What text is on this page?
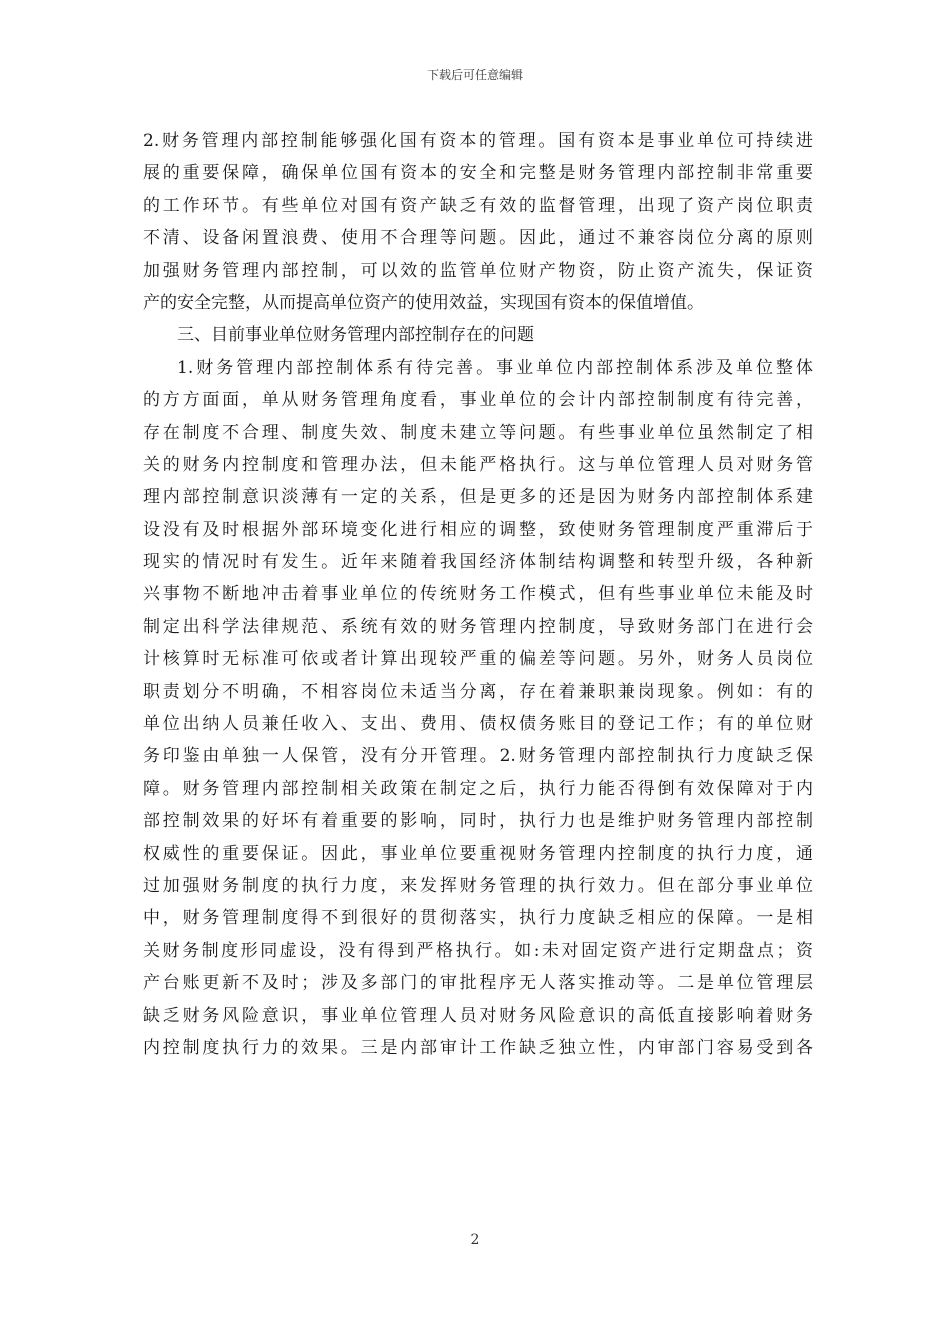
下载后可任意编辑
2.财务管理内部控制能够强化国有资本的管理。国有资本是事业单位可持续进
展的重要保障，确保单位国有资本的安全和完整是财务管理内部控制非常重要
的工作环节。有些单位对国有资产缺乏有效的监督管理，出现了资产岗位职责
不清、设备闲置浪费、使用不合理等问题。因此，通过不兼容岗位分离的原则
加强财务管理内部控制，可以效的监管单位财产物资，防止资产流失，保证资
产的安全完整，从而提高单位资产的使用效益，实现国有资本的保值增值。
三、目前事业单位财务管理内部控制存在的问题
1.财务管理内部控制体系有待完善。事业单位内部控制体系涉及单位整体
的方方面面，单从财务管理角度看，事业单位的会计内部控制制度有待完善，
存在制度不合理、制度失效、制度未建立等问题。有些事业单位虽然制定了相
关的财务内控制度和管理办法，但未能严格执行。这与单位管理人员对财务管
理内部控制意识淡薄有一定的关系，但是更多的还是因为财务内部控制体系建
设没有及时根据外部环境变化进行相应的调整，致使财务管理制度严重滞后于
现实的情况时有发生。近年来随着我国经济体制结构调整和转型升级，各种新
兴事物不断地冲击着事业单位的传统财务工作模式，但有些事业单位未能及时
制定出科学法律规范、系统有效的财务管理内控制度，导致财务部门在进行会
计核算时无标准可依或者计算出现较严重的偏差等问题。另外，财务人员岗位
职责划分不明确，不相容岗位未适当分离，存在着兼职兼岗现象。例如：有的
单位出纳人员兼任收入、支出、费用、债权债务账目的登记工作；有的单位财
务印鉴由单独一人保管，没有分开管理。2.财务管理内部控制执行力度缺乏保
障。财务管理内部控制相关政策在制定之后，执行力能否得倒有效保障对于内
部控制效果的好坏有着重要的影响，同时，执行力也是维护财务管理内部控制
权威性的重要保证。因此，事业单位要重视财务管理内控制度的执行力度，通
过加强财务制度的执行力度，来发挥财务管理的执行效力。但在部分事业单位
中，财务管理制度得不到很好的贯彻落实，执行力度缺乏相应的保障。一是相
关财务制度形同虚设，没有得到严格执行。如:未对固定资产进行定期盘点；资
产台账更新不及时；涉及多部门的审批程序无人落实推动等。二是单位管理层
缺乏财务风险意识，事业单位管理人员对财务风险意识的高低直接影响着财务
内控制度执行力的效果。三是内部审计工作缺乏独立性，内审部门容易受到各
2
